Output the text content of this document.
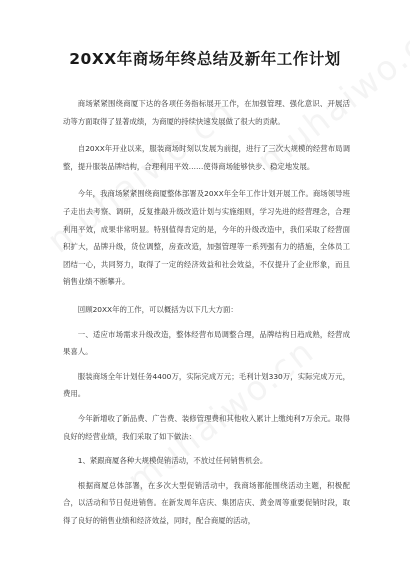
20XX年商场年终总结及新年工作计划

商场紧紧围绕商厦下达的各项任务指标展开工作，在加强管理、强化意识、开展活动等方面取得了显著成绩，为商厦的持续快速发展做了很大的贡献。

自20XX年开业以来，服装商场时刻以发展为前提，进行了三次大规模的经营布局调整，提升服装品牌结构，合理利用平效……使得商场能够快步、稳定地发展。

今年，我商场紧紧围绕商厦整体部署及20XX年全年工作计划开展工作。商场领导班子走出去考察、调研，反复推敲升级改造计划与实施细则，学习先进的经营理念，合理利用平效，成果非常明显。特别值得肯定的是，今年的升级改造中，我们采取了经营面积扩大，品牌升级，货位调整，房查改造，加强管理等一系列强有力的措施，全体员工团结一心，共同努力，取得了一定的经济效益和社会效益，不仅提升了企业形象，而且销售业绩不断攀升。

回顾20XX年的工作，可以概括为以下几大方面：

一、适应市场需求升级改造，整体经营布局调整合理，品牌结构日趋成熟，经营成果喜人。

服装商场全年计划任务4400万，实际完成万元；毛利计划330万，实际完成万元，费用。

今年新增收了新品费、广告费、装修管理费和其他收入累计上缴纯利7万余元。取得良好的经营业绩，我们采取了如下做法：

1、紧跟商厦各种大规模促销活动，不放过任何销售机会。

根据商厦总体部署，在多次大型促销活动中，我商场都能围绕活动主题，积极配合，以活动和节日促进销售。在新发周年店庆、集团店庆、黄金周等重要促销时段，取得了良好的销售业绩和经济效益，同时，配合商厦的活动，
